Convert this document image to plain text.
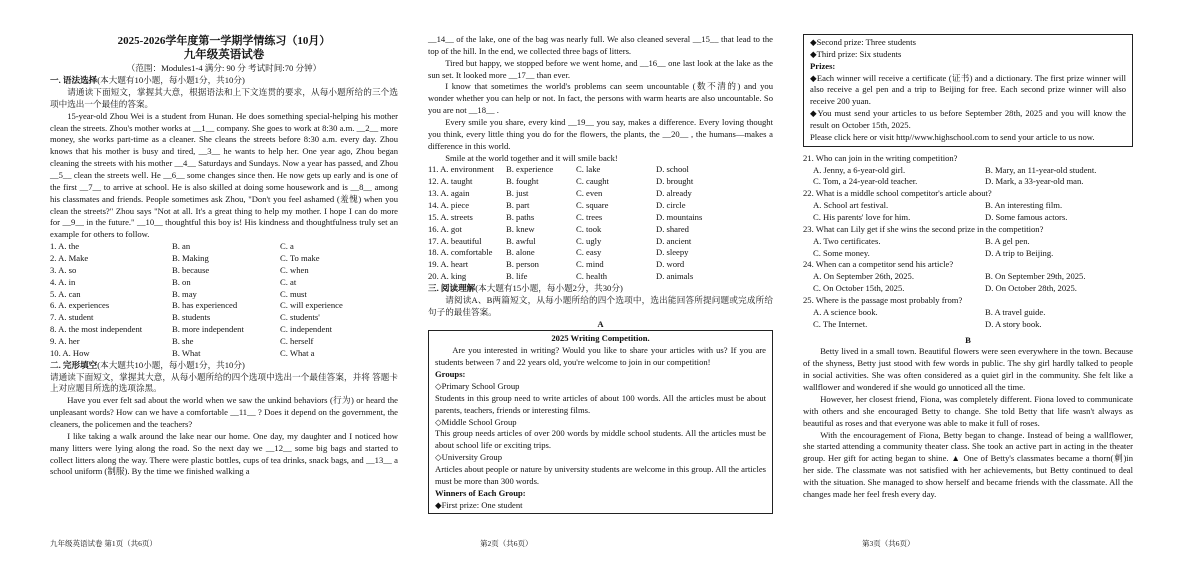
2025-2026学年度第一学期学情练习（10月）
九年级英语试卷
（范围：Modules1-4 满分: 90 分 考试时间:70 分钟）
一. 语法选择(本大题有10小题，每小题1分，共10分)

请通读下面短文，掌握其大意，根据语法和上下文连贯的要求，从每小题所给的三个选项中选出一个最佳的答案。

15-year-old Zhou Wei is a student from Hunan. He does something special-helping his mother clean the streets. Zhou's mother works at __1__ company. She goes to work at 8:30 a.m. __2__ more money, she works part-time as a cleaner. She cleans the streets before 8:30 a.m. every day. Zhou knows that his mother is busy and tired, __3__ he wants to help her. One year ago, Zhou began cleaning the streets with his mother __4__ Saturdays and Sundays. Now a year has passed, and Zhou __5__ clean the streets well. He __6__ some changes since then. He now gets up early and is one of the first __7__ to arrive at school. He is also skilled at doing some housework and is __8__ among his classmates and friends. People sometimes ask Zhou, "Don't you feel ashamed (羞愧) when you clean the streets?" Zhou says "Not at all. It's a great thing to help my mother. I hope I can do more for __9__ in the future." __10__ thoughtful this boy is! His kindness and thoughtfulness truly set an example for others to follow.

1. A. the	B. an	C. a
2. A. Make	B. Making	C. To make
3. A. so	B. because	C. when
4. A. in	B. on	C. at
5. A. can	B. may	C. must
6. A. experiences	B. has experienced	C. will experience
7. A. student	B. students	C. students'
8. A. the most independent	B. more independent	C. independent
9. A. her	B. she	C. herself
10. A. How	B. What	C. What a
二. 完形填空(本大题共10小题，每小题1分，共10分)

请通读下面短文，掌握其大意，从每小题所给的四个选项中选出一个最佳答案，并将 答题卡上对应题目所选的选项涂黑。

Have you ever felt sad about the world when we saw the unkind behaviors (行为) or heard the unpleasant words? How can we have a comfortable __11__ ? Does it depend on the government, the cleaners, the policemen and the teachers?

I like taking a walk around the lake near our home. One day, my daughter and I noticed how many litters were lying along the road. So the next day we __12__ some big bags and started to collect litters along the way. There were plastic bottles, cups of tea drinks, snack bags, and __13__ a school uniform (制服). By the time we finished walking a

九年级英语试卷 第1页（共6页）

__14__ of the lake, one of the bag was nearly full. We also cleaned several __15__ that lead to the top of the hill. In the end, we collected three bags of litters.

Tired but happy, we stopped before we went home, and __16__ one last look at the lake as the sun set. It looked more __17__ than ever.

I know that sometimes the world's problems can seem uncountable (数不清的) and you wonder whether you can help or not. In fact, the persons with warm hearts are also uncountable. So you are not __18__ .

Every smile you share, every kind __19__ you say, makes a difference. Every loving thought you think, every little thing you do for the flowers, the plants, the __20__ , the humans—makes a difference in this world.

Smile at the world together and it will smile back!

11. A. environment	B. experience	C. lake	D. school
12. A. taught	B. fought	C. caught	D. brought
13. A. again	B. just	C. even	D. already
14. A. piece	B. part	C. square	D. circle
15. A. streets	B. paths	C. trees	D. mountains
16. A. got	B. knew	C. took	D. shared
17. A. beautiful	B. awful	C. ugly	D. ancient
18. A. comfortable	B. alone	C. easy	D. sleepy
19. A. heart	B. person	C. mind	D. word
20. A. king	B. life	C. health	D. animals
三. 阅读理解(本大题有15小题，每小题2分，共30分)

请阅读A、B两篇短文，从每小题所给的四个选项中，选出能回答所提问题或完成所给句子的最佳答案。

A
2025 Writing Competition.

Are you interested in writing? Would you like to share your articles with us? If you are students between 7 and 22 years old, you're welcome to join in our competition!

Groups:
◇Primary School Group

Students in this group need to write articles of about 100 words. All the articles must be about parents, teachers, friends or interesting films.

◇Middle School Group

This group needs articles of over 200 words by middle school students. All the articles must be about school life or exciting trips.

◇University Group

Articles about people or nature by university students are welcome in this group. All the articles must be more than 300 words.

Winners of Each Group:
◆First prize: One student
第2页（共6页）
◆Second prize: Three students
◆Third prize: Six students
Prizes:

◆Each winner will receive a certificate (证书) and a dictionary. The first prize winner will also receive a gel pen and a trip to Beijing for free. Each second prize winner will also receive 200 yuan.

◆You must send your articles to us before September 28th, 2025 and you will know the result on October 15th, 2025.

Please click here or visit http//www.highschool.com to send your article to us now.

21. Who can join in the writing competition?
A. Jenny, a 6-year-old girl.	B. Mary, an 11-year-old student.
C. Tom, a 24-year-old teacher.	D. Mark, a 33-year-old man.
22. What is a middle school competitor's article about?
A. School art festival.	B. An interesting film.
C. His parents' love for him.	D. Some famous actors.
23. What can Lily get if she wins the second prize in the competition?
A. Two certificates.	B. A gel pen.
C. Some money.	D. A trip to Beijing.
24. When can a competitor send his article?
A. On September 26th, 2025.	B. On September 29th, 2025.
C. On October 15th, 2025.	D. On October 28th, 2025.
25. Where is the passage most probably from?
A. A science book.	B. A travel guide.
C. The Internet.	D. A story book.
B

Betty lived in a small town. Beautiful flowers were seen everywhere in the town. Because of the shyness, Betty just stood with few words in public. The shy girl hardly talked to people in social activities. She was often considered as a quiet girl in the community. She felt like a wallflower and wondered if she would go unnoticed all the time.

However, her closest friend, Fiona, was completely different. Fiona loved to communicate with others and she encouraged Betty to change. She told Betty that life wasn't always as beautiful as roses and that everyone was able to make it full of roses.

With the encouragement of Fiona, Betty began to change. Instead of being a wallflower, she started attending a community theater class. She took an active part in acting in the theater group. Her gift for acting began to shine. ▲ One of Betty's classmates became a thorn(刺)in her side. The classmate was not satisfied with her achievements, but Betty continued to deal with the situation. She managed to show herself and became friends with the classmate. All the changes made her feel fresh every day.

第3页（共6页）
